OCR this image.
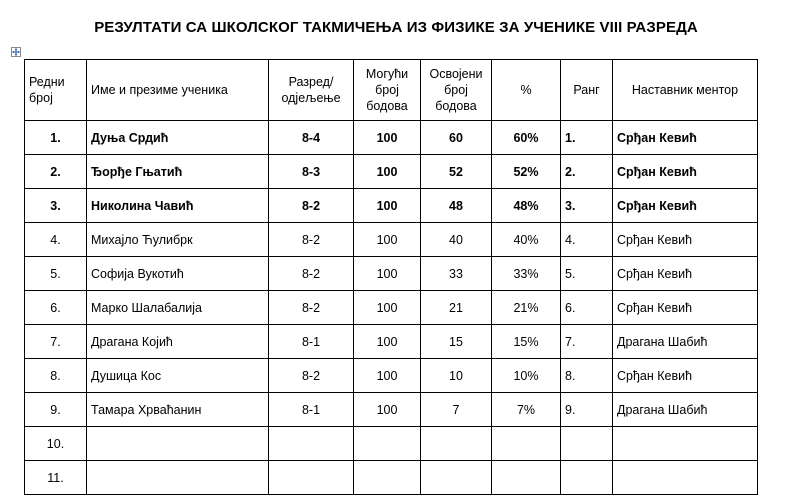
РЕЗУЛТАТИ СА ШКОЛСКОГ ТАКМИЧЕЊА ИЗ ФИЗИКЕ ЗА УЧЕНИКЕ VIII РАЗРЕДА
Редни број	Име и презиме ученика	Разред/ одјељење	Могући број бодова	Освојени број бодова	%	Ранг	Наставник ментор
1.	Дуња Срдић	8-4	100	60	60%	1.	Срђан Кевић
2.	Ђорђе Гњатић	8-3	100	52	52%	2.	Срђан Кевић
3.	Николина Чавић	8-2	100	48	48%	3.	Срђан Кевић
4.	Михајло Ћулибрк	8-2	100	40	40%	4.	Срђан Кевић
5.	Софија Вукотић	8-2	100	33	33%	5.	Срђан Кевић
6.	Марко Шалабалија	8-2	100	21	21%	6.	Срђан Кевић
7.	Драгана Којић	8-1	100	15	15%	7.	Драгана Шабић
8.	Душица Кос	8-2	100	10	10%	8.	Срђан Кевић
9.	Тамара Хрваћанин	8-1	100	7	7%	9.	Драгана Шабић
10.							
11.							
